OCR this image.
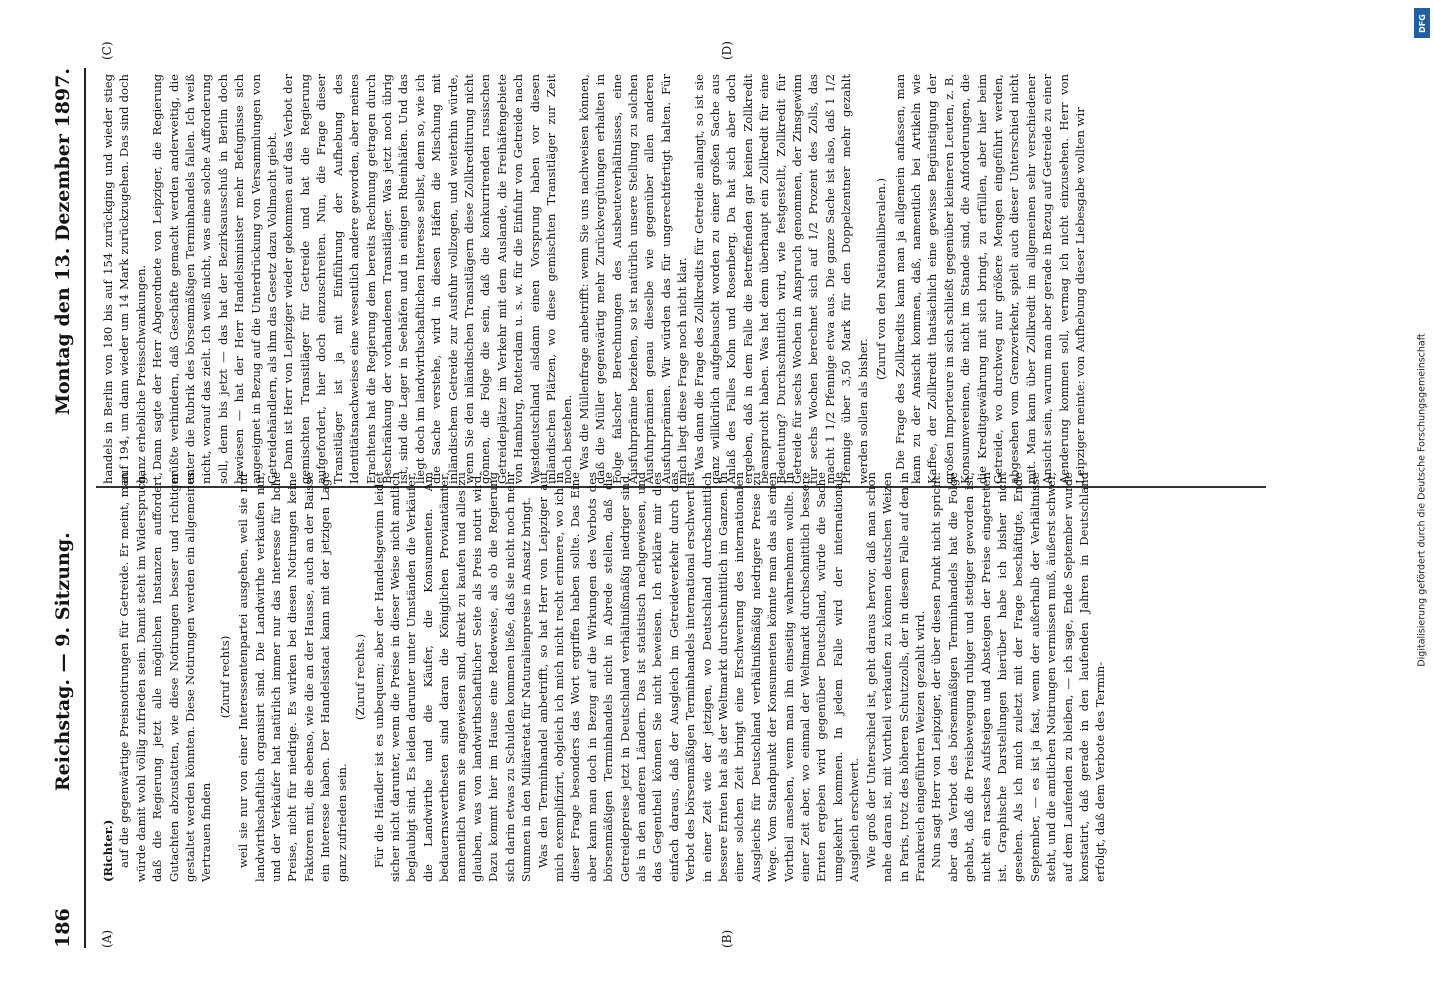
186
Reichstag. — 9. Sitzung.
Montag den 13. Dezember 1897.
(A)	(B)
(C)	(D)

(Richter.) auf die gegenwärtige Preisnotirungen für Getreide. Er meint, man würde damit wohl völlig zufrieden sein. Damit steht im Widerspruch, daß die Regierung jetzt alle möglichen Instanzen auffordert, Gutachten abzustatten, wie diese Notirungen besser und richtiger gestaltet werden könnten. Diese Notirungen werden ein allgemeines Vertrauen finden

(Zuruf rechts) weil sie nur von einer Interessentenpartei ausgehen, weil sie nur landwirthschaftlich organisirt sind. Die Landwirthe verkaufen nur, und der Verkäufer hat natürlich immer nur das Interesse für hohe Preise, nicht für niedrige. Es wirken bei diesen Notirungen keine Faktoren mit, die ebenso, wie die an der Hausse, auch an der Baisse ein Interesse haben. Der Handelsstaat kann mit der jetzigen Lage ganz zufrieden sein.

(Zuruf rechts.) Für die Händler ist es unbequem; aber der Handelsgewinn leidet sicher nicht darunter, wenn die Preise in dieser Weise nicht amtlich beglaubigt sind. Es leiden darunter unter Umständen die Verkäufer, die Landwirthe und die Käufer, die Konsumenten. Am bedauernswerthesten sind daran die Königlichen Proviantämter, namentlich wenn sie angewiesen sind, direkt zu kaufen und alles zu glauben, was von landwirthschaftlicher Seite als Preis notirt wird. Dazu kommt hier im Hause eine Redeweise, als ob die Regierung sich darin etwas zu Schulden kommen ließe, daß sie nicht noch mehr Summen in den Militäretat für Naturalienpreise in Ansatz bringt. Was den Terminhandel anbetrifft, so hat Herr von Leipziger auf mich exemplifizirt, obgleich ich mich nicht recht erinnere, wo ich in dieser Frage besonders das Wort ergriffen haben sollte. Das Eine aber kann man doch in Bezug auf die Wirkungen des Verbots des börsenmäßigen Terminhandels nicht in Abrede stellen, daß die Getreidepreise jetzt in Deutschland verhältnißmäßig niedriger sind, als in den anderen Ländern. Das ist statistisch nachgewiesen, und das Gegentheil können Sie nicht beweisen. Ich erkläre mir dies einfach daraus, daß der Ausgleich im Getreideverkehr durch das Verbot des börsenmäßigen Terminhandels international erschwert ist in einer Zeit wie der jetzigen, wo Deutschland durchschnittlich bessere Ernten hat als der Weltmarkt durchschnittlich im Ganzen. In einer solchen Zeit bringt eine Erschwerung des internationalen Ausgleichs für Deutschland verhältnißmäßig niedrigere Preise zu Wege. Vom Standpunkt der Konsumenten könnte man das als einen Vortheil ansehen, wenn man ihn einseitig wahrnehmen wollte. In einer Zeit aber, wo einmal der Weltmarkt durchschnittlich bessere Ernten ergeben wird gegenüber Deutschland, würde die Sache umgekehrt kommen. In jedem Falle wird der internationale Ausgleich erschwert. Wie groß der Unterschied ist, geht daraus hervor, daß man schon nahe daran ist, mit Vortheil verkaufen zu können deutschen Weizen in Paris, trotz des höheren Schutzzolls, der in diesem Falle auf den in Frankreich eingeführten Weizen gezahlt wird. Nun sagt Herr von Leipziger, der über diesen Punkt nicht spricht: aber das Verbot des börsenmäßigen Terminhandels hat die Folge gehabt, daß die Preisbewegung ruhiger und stetiger geworden ist, nicht ein rasches Aufsteigen und Absteigen der Preise eingetreten ist. Graphische Darstellungen hierüber habe ich bisher nicht gesehen. Als ich mich zuletzt mit der Frage beschäftigte, Ende September, — es ist ja fast, wenn der außerhalb der Verhältnisse steht, und die amtlichen Notirungen vermissen muß, äußerst schwer, auf dem Laufenden zu bleiben, — ich sage, Ende September wurde konstatirt, daß gerade in den laufenden Jahren in Deutschland erfolgt, daß dem Verbote des Termin-

handels in Berlin von 180 bis auf 154 zurückging und wieder stieg auf 194, um dann wieder um 14 Mark zurückzugehen. Das sind doch ganz erhebliche Preisschwankungen. Dann sagte der Herr Abgeordnete von Leipziger, die Regierung müßte verhindern, daß Geschäfte gemacht werden anderweitig, die unter die Rubrik des börsenmäßigen Terminhandels fallen. Ich weiß nicht, worauf das zielt. Ich weiß nicht, was eine solche Aufforderung soll, denn bis jetzt — das hat der Bezirksausschuß in Berlin doch bewiesen — hat der Herr Handelsminister mehr Befugnisse sich angeeignet in Bezug auf die Unterdrückung von Versammlungen von Getreidehändlern, als ihm das Gesetz dazu Vollmacht giebt. Dann ist Herr von Leipziger wieder gekommen auf das Verbot der gemischten Transitläger für Getreide und hat die Regierung aufgefordert, hier doch einzuschreiten. Nun, die Frage dieser Transitläger ist ja mit Einführung der Aufhebung des Identitätsnachweises eine wesentlich andere geworden, aber meines Erachtens hat die Regierung dem bereits Rechnung getragen durch Beschränkung der vorhandenen Transitläger. Was jetzt noch übrig ist, sind die Lager in Seehäfen und in einigen Rheinhäfen. Und das liegt doch im landwirthschaftlichen Interesse selbst, denn so, wie ich die Sache verstehe, wird in diesen Häfen die Mischung mit inländischem Getreide zur Ausfuhr vollzogen, und weiterhin würde, wenn Sie den inländischen Transitlägern diese Zollkreditirung nicht gönnen, die Folge die sein, daß die konkurrirenden russischen Getreideplätze im Verkehr mit dem Auslande, die Freihäfengebiete von Hamburg, Rotterdam u. s. w. für die Einfuhr von Getreide nach Westdeutschland alsdann einen Vorsprung haben vor diesen inländischen Plätzen, wo diese gemischten Transitläger zur Zeit noch bestehen. Was die Müllenfrage anbetrifft: wenn Sie uns nachweisen können, daß die Müller gegenwärtig mehr Zurückvergütungen erhalten in Folge falscher Berechnungen des Ausbeuteverhältnisses, eine Ausfuhrprämie beziehen, so ist natürlich unsere Stellung zu solchen Ausfuhrprämien genau dieselbe wie gegenüber allen anderen Ausfuhrprämien. Wir würden das für ungerechtfertigt halten. Für mich liegt diese Frage noch nicht klar. Was dann die Frage des Zollkredits für Getreide anlangt, so ist sie ganz willkürlich aufgebauscht worden zu einer großen Sache aus Anlaß des Falles Kohn und Rosenberg. Da hat sich aber doch ergeben, daß in dem Falle die Betreffenden gar keinen Zollkredit beansprucht haben. Was hat denn überhaupt ein Zollkredit für eine Bedeutung? Durchschnittlich wird, wie festgestellt, Zollkredit für Getreide für sechs Wochen in Anspruch genommen, der Zinsgewinn für sechs Wochen berechnet sich auf 1/2 Prozent des Zolls, das macht 1 1/2 Pfennige etwa aus. Die ganze Sache ist also, daß 1 1/2 Pfennige über 3,50 Mark für den Doppelzentner mehr gezahlt werden sollen als bisher.

(Zuruf von den Nationalliberalen.) Die Frage des Zollkredits kann man ja allgemein anfassen, man kann zu der Ansicht kommen, daß, namentlich bei Artikeln wie Kaffee, der Zollkredit thatsächlich eine gewisse Begünstigung der großen Importeure in sich schließt gegenüber kleineren Leuten, z. B. Konsumvereinen, die nicht im Stande sind, die Anforderungen, die die Kreditgewährung mit sich bringt, zu erfüllen, aber hier beim Getreide, wo durchweg nur größere Mengen eingeführt werden, abgesehen vom Grenzverkehr, spielt auch dieser Unterschied nicht mit. Man kann über Zollkredit im allgemeinen sehr verschiedener Ansicht sein, warum man aber gerade in Bezug auf Getreide zu einer Aenderung kommen soll, vermag ich nicht einzusehen. Herr von Leipziger meinte: von Aufhebung dieser Liebesgabe wollten wir

DFG
Digitalisierung gefördert durch die Deutsche Forschungsgemeinschaft
